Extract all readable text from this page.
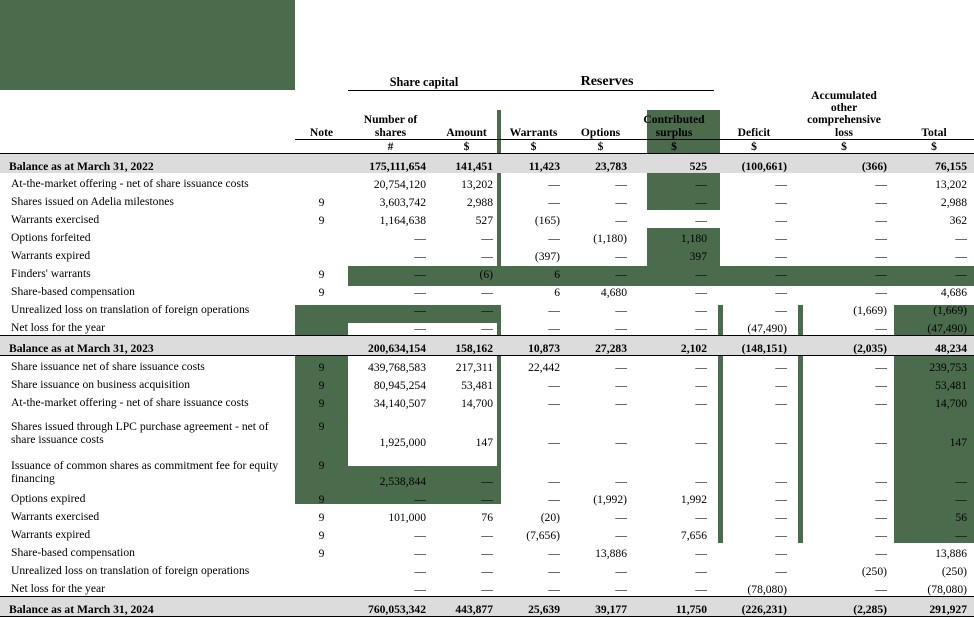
		Share capital		Reserves					
	Note	Number of
shares	Amount	Warrants	Options	Contributed
surplus	Deficit	Accumulated
other
comprehensive
loss	Total
		#	$	$	$	$	$	$	$
Balance as at March 31, 2022		175,111,654	141,451	11,423	23,783	525	(100,661)	(366)	76,155
At-the-market offering - net of share issuance costs		20,754,120	13,202	—	—	—	—	—	13,202
Shares issued on Adelia milestones	9	3,603,742	2,988	—	—	—	—	—	2,988
Warrants exercised	9	1,164,638	527	(165)	—	—	—	—	362
Options forfeited		—	—	—	(1,180)	1,180	—	—	—
Warrants expired		—	—	(397)	—	397	—	—	—
Finders' warrants	9	—	(6)	6	—	—	—	—	—
Share-based compensation	9	—	—	6	4,680	—	—	—	4,686
Unrealized loss on translation of foreign operations		—	—	—	—	—	—	(1,669)	(1,669)
Net loss for the year		—	—	—	—	—	(47,490)	—	(47,490)
Balance as at March 31, 2023		200,634,154	158,162	10,873	27,283	2,102	(148,151)	(2,035)	48,234
Share issuance net of share issuance costs	9	439,768,583	217,311	22,442	—	—	—	—	239,753
Share issuance on business acquisition	9	80,945,254	53,481	—	—	—	—	—	53,481
At-the-market offering - net of share issuance costs	9	34,140,507	14,700	—	—	—	—	—	14,700
Shares issued through LPC purchase agreement - net of share issuance costs	9	1,925,000	147	—	—	—	—	—	147
Issuance of common shares as commitment fee for equity financing	9	2,538,844	—	—	—	—	—	—	—
Options expired	9	—	—	—	(1,992)	1,992	—	—	—
Warrants exercised	9	101,000	76	(20)	—	—	—	—	56
Warrants expired	9	—	—	(7,656)	—	7,656	—	—	—
Share-based compensation	9	—	—	—	13,886	—	—	—	13,886
Unrealized loss on translation of foreign operations		—	—	—	—	—	—	(250)	(250)
Net loss for the year		—	—	—	—	—	(78,080)	—	(78,080)
Balance as at March 31, 2024		760,053,342	443,877	25,639	39,177	11,750	(226,231)	(2,285)	291,927
